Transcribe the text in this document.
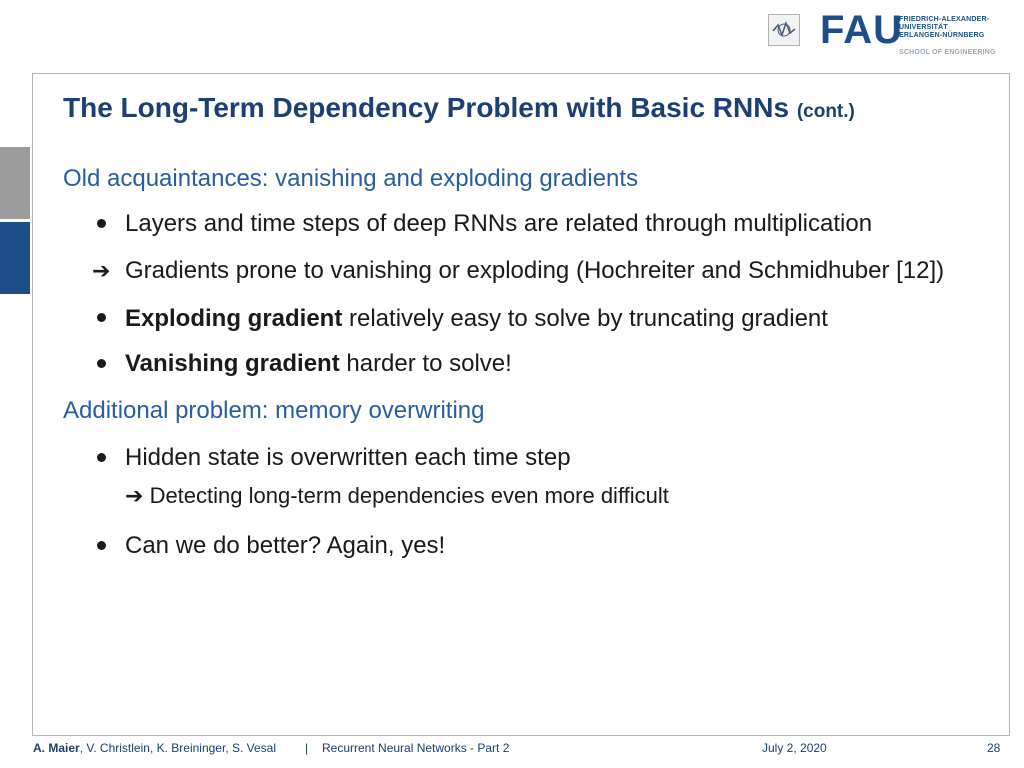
FAU
FRIEDRICH-ALEXANDER-
UNIVERSITÄT
ERLANGEN-NÜRNBERG
SCHOOL OF ENGINEERING
The Long-Term Dependency Problem with Basic RNNs (cont.)
Old acquaintances: vanishing and exploding gradients
Layers and time steps of deep RNNs are related through multiplication
➔ Gradients prone to vanishing or exploding (Hochreiter and Schmidhuber [12])
Exploding gradient relatively easy to solve by truncating gradient
Vanishing gradient harder to solve!
Additional problem: memory overwriting
Hidden state is overwritten each time step
➔ Detecting long-term dependencies even more difficult
Can we do better? Again, yes!
A. Maier, V. Christlein, K. Breininger, S. Vesal | Recurrent Neural Networks - Part 2	July 2, 2020	28
